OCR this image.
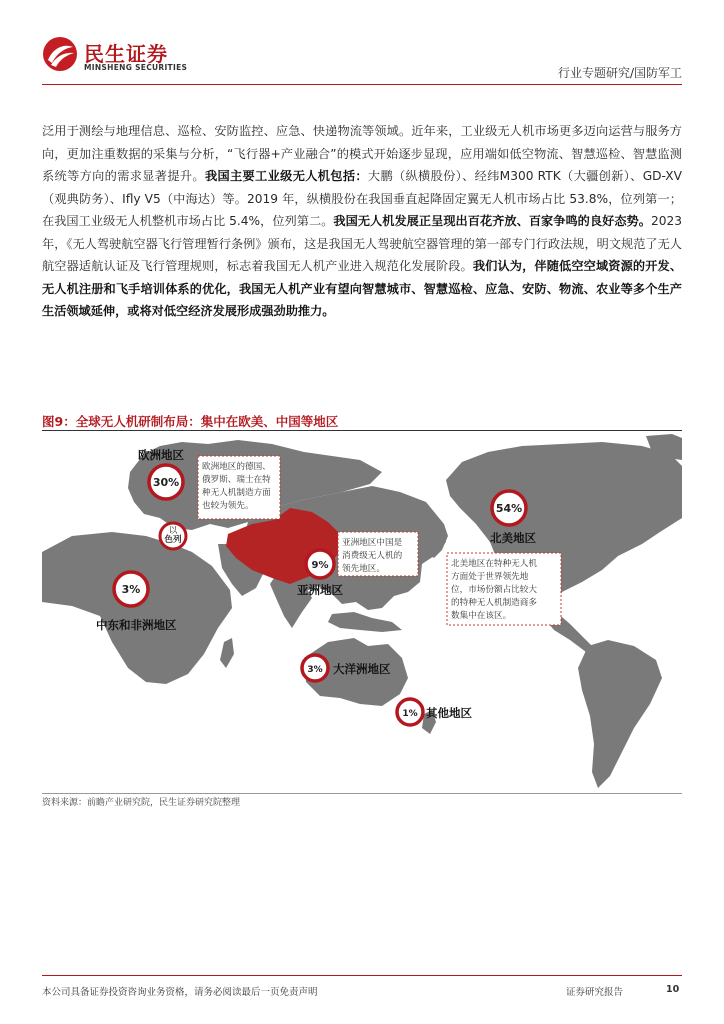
民生证券
MINSHENG SECURITIES	行业专题研究/国防军工
泛用于测绘与地理信息、巡检、安防监控、应急、快递物流等领域。近年来，工业级无人机市场更多迈向运营与服务方向，更加注重数据的采集与分析，“飞行器+产业融合”的模式开始逐步显现，应用端如低空物流、智慧巡检、智慧监测系统等方向的需求显著提升。我国主要工业级无人机包括：大鹏（纵横股份）、经纬M300 RTK（大疆创新）、GD-XV（观典防务）、Ifly V5（中海达）等。2019 年，纵横股份在我国垂直起降固定翼无人机市场占比 53.8%，位列第一；在我国工业级无人机整机市场占比 5.4%，位列第二。我国无人机发展正呈现出百花齐放、百家争鸣的良好态势。2023 年，《无人驾驶航空器飞行管理暂行条例》颁布，这是我国无人驾驶航空器管理的第一部专门行政法规，明文规范了无人航空器适航认证及飞行管理规则，标志着我国无人机产业进入规范化发展阶段。我们认为，伴随低空空域资源的开发、无人机注册和飞手培训体系的优化，我国无人机产业有望向智慧城市、智慧巡检、应急、安防、物流、农业等多个生产生活领域延伸，或将对低空经济发展形成强劲助推力。
图9：全球无人机研制布局：集中在欧美、中国等地区
欧洲地区
30%
54%
北美地区
9%
亚洲地区
3%
中东和非洲地区
3% 大洋洲地区
1% 其他地区
以
色列
欧洲地区的德国、
俄罗斯、瑞士在特
种无人机制造方面
也较为领先。
亚洲地区中国是
消费级无人机的
领先地区。	北美地区在特种无人机
方面处于世界领先地
位，市场份额占比较大
的特种无人机制造商多
数集中在该区。
资料来源：前瞻产业研究院，民生证券研究院整理
本公司具备证券投资咨询业务资格，请务必阅读最后一页免责声明	证券研究报告	10
